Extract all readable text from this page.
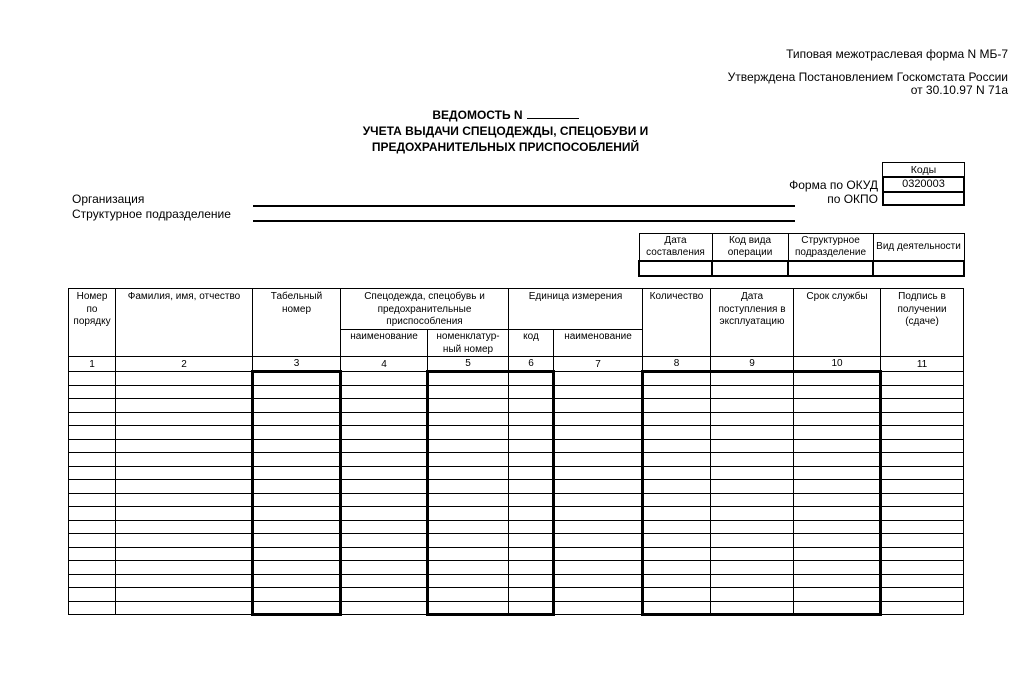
Типовая межотраслевая форма N МБ-7
Утверждена Постановлением Госкомстата России
от 30.10.97 N 71а
ВЕДОМОСТЬ N
УЧЕТА ВЫДАЧИ СПЕЦОДЕЖДЫ, СПЕЦОБУВИ И
ПРЕДОХРАНИТЕЛЬНЫХ ПРИСПОСОБЛЕНИЙ
Коды
0320003
Форма по ОКУД
по ОКПО
Организация
Структурное подразделение
Дата составления	Код вида операции	Структурное подразделение	Вид деятельности

Номер по порядку	Фамилия, имя, отчество	Табельный номер	Спецодежда, спецобувь и предохранительные приспособления		Единица измерения		Количество	Дата поступления в эксплуатацию	Срок службы	Подпись в получении (сдаче)
			наименование	номенклатур-ный номер	код	наименование				
1	2	3	4	5	6	7	8	9	10	11
